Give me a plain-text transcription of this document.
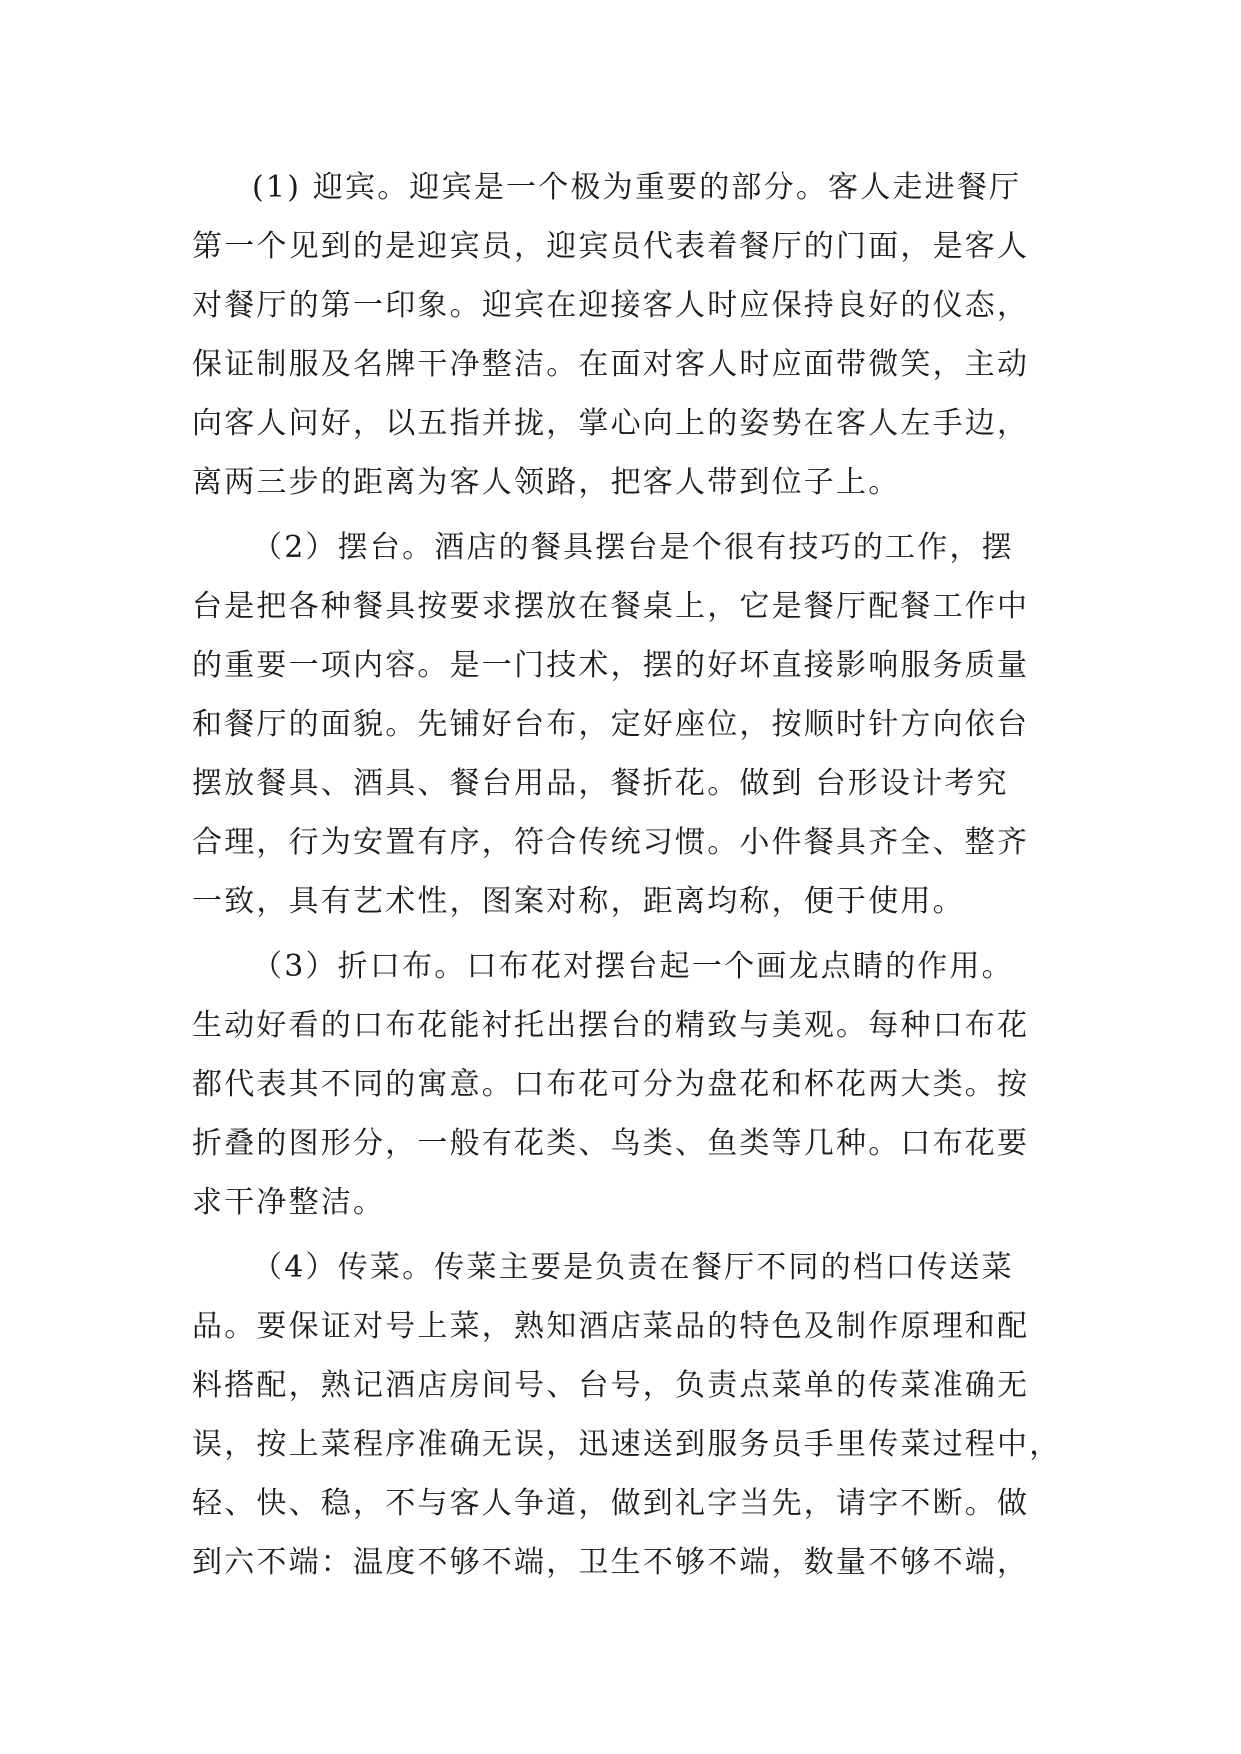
(1) 迎宾。迎宾是一个极为重要的部分。客人走进餐厅
第一个见到的是迎宾员，迎宾员代表着餐厅的门面，是客人
对餐厅的第一印象。迎宾在迎接客人时应保持良好的仪态，
保证制服及名牌干净整洁。在面对客人时应面带微笑，主动
向客人问好，以五指并拢，掌心向上的姿势在客人左手边，
离两三步的距离为客人领路，把客人带到位子上。
（2）摆台。酒店的餐具摆台是个很有技巧的工作，摆
台是把各种餐具按要求摆放在餐桌上，它是餐厅配餐工作中
的重要一项内容。是一门技术，摆的好坏直接影响服务质量
和餐厅的面貌。先铺好台布，定好座位，按顺时针方向依台
摆放餐具、酒具、餐台用品，餐折花。做到 台形设计考究
合理，行为安置有序，符合传统习惯。小件餐具齐全、整齐
一致，具有艺术性，图案对称，距离均称，便于使用。
（3）折口布。口布花对摆台起一个画龙点睛的作用。
生动好看的口布花能衬托出摆台的精致与美观。每种口布花
都代表其不同的寓意。口布花可分为盘花和杯花两大类。按
折叠的图形分，一般有花类、鸟类、鱼类等几种。口布花要
求干净整洁。
（4）传菜。传菜主要是负责在餐厅不同的档口传送菜
品。要保证对号上菜，熟知酒店菜品的特色及制作原理和配
料搭配，熟记酒店房间号、台号，负责点菜单的传菜准确无
误，按上菜程序准确无误，迅速送到服务员手里传菜过程中，
轻、快、稳，不与客人争道，做到礼字当先，请字不断。做
到六不端：温度不够不端，卫生不够不端，数量不够不端，
